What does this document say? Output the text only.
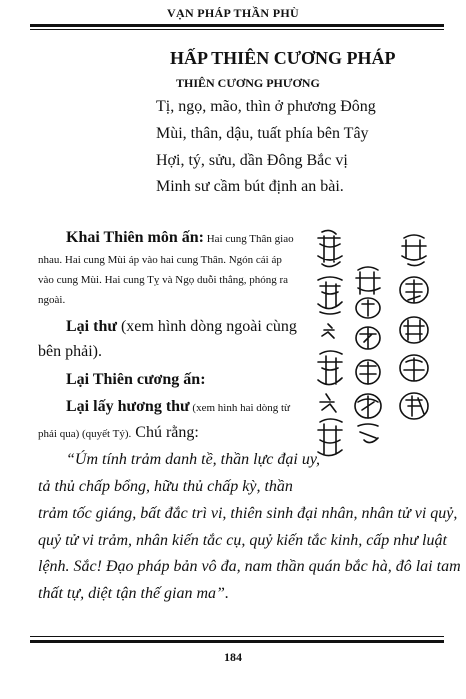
VẠN PHÁP THẦN PHÙ
HẤP THIÊN CƯƠNG PHÁP
THIÊN CƯƠNG PHƯƠNG
Tị, ngọ, mão, thìn ở phương Đông
Mùi, thân, dậu, tuất phía bên Tây
Hợi, tý, sửu, dần Đông Bắc vị
Minh sư cầm bút định an bài.
Khai Thiên môn ấn: Hai cung Thân giao
nhau. Hai cung Mùi áp vào hai cung Thân. Ngón cái áp
vào cung Mùi. Hai cung Tỵ và Ngọ duỗi thẳng, phóng ra
ngoài.
Lại thư (xem hình dòng ngoài cùng
bên phải).
Lại Thiên cương ấn:
Lại lấy hương thư (xem hình hai dòng từ
phải qua) (quyết Tý). Chú rằng:
“Úm tính trảm danh tề, thần lực đại uy,
tả thủ chấp bổng, hữu thủ chấp kỳ, thần
trảm tốc giáng, bất đắc trì vi, thiên sinh đại nhân, nhân tử vi quỷ,
quỷ tử vi trảm, nhân kiến tắc cụ, quỷ kiến tắc kinh, cấp như luật
lệnh. Sắc! Đạo pháp bản vô đa, nam thần quán bắc hà, đô lai tam
thất tự, diệt tận thế gian ma”.
184
